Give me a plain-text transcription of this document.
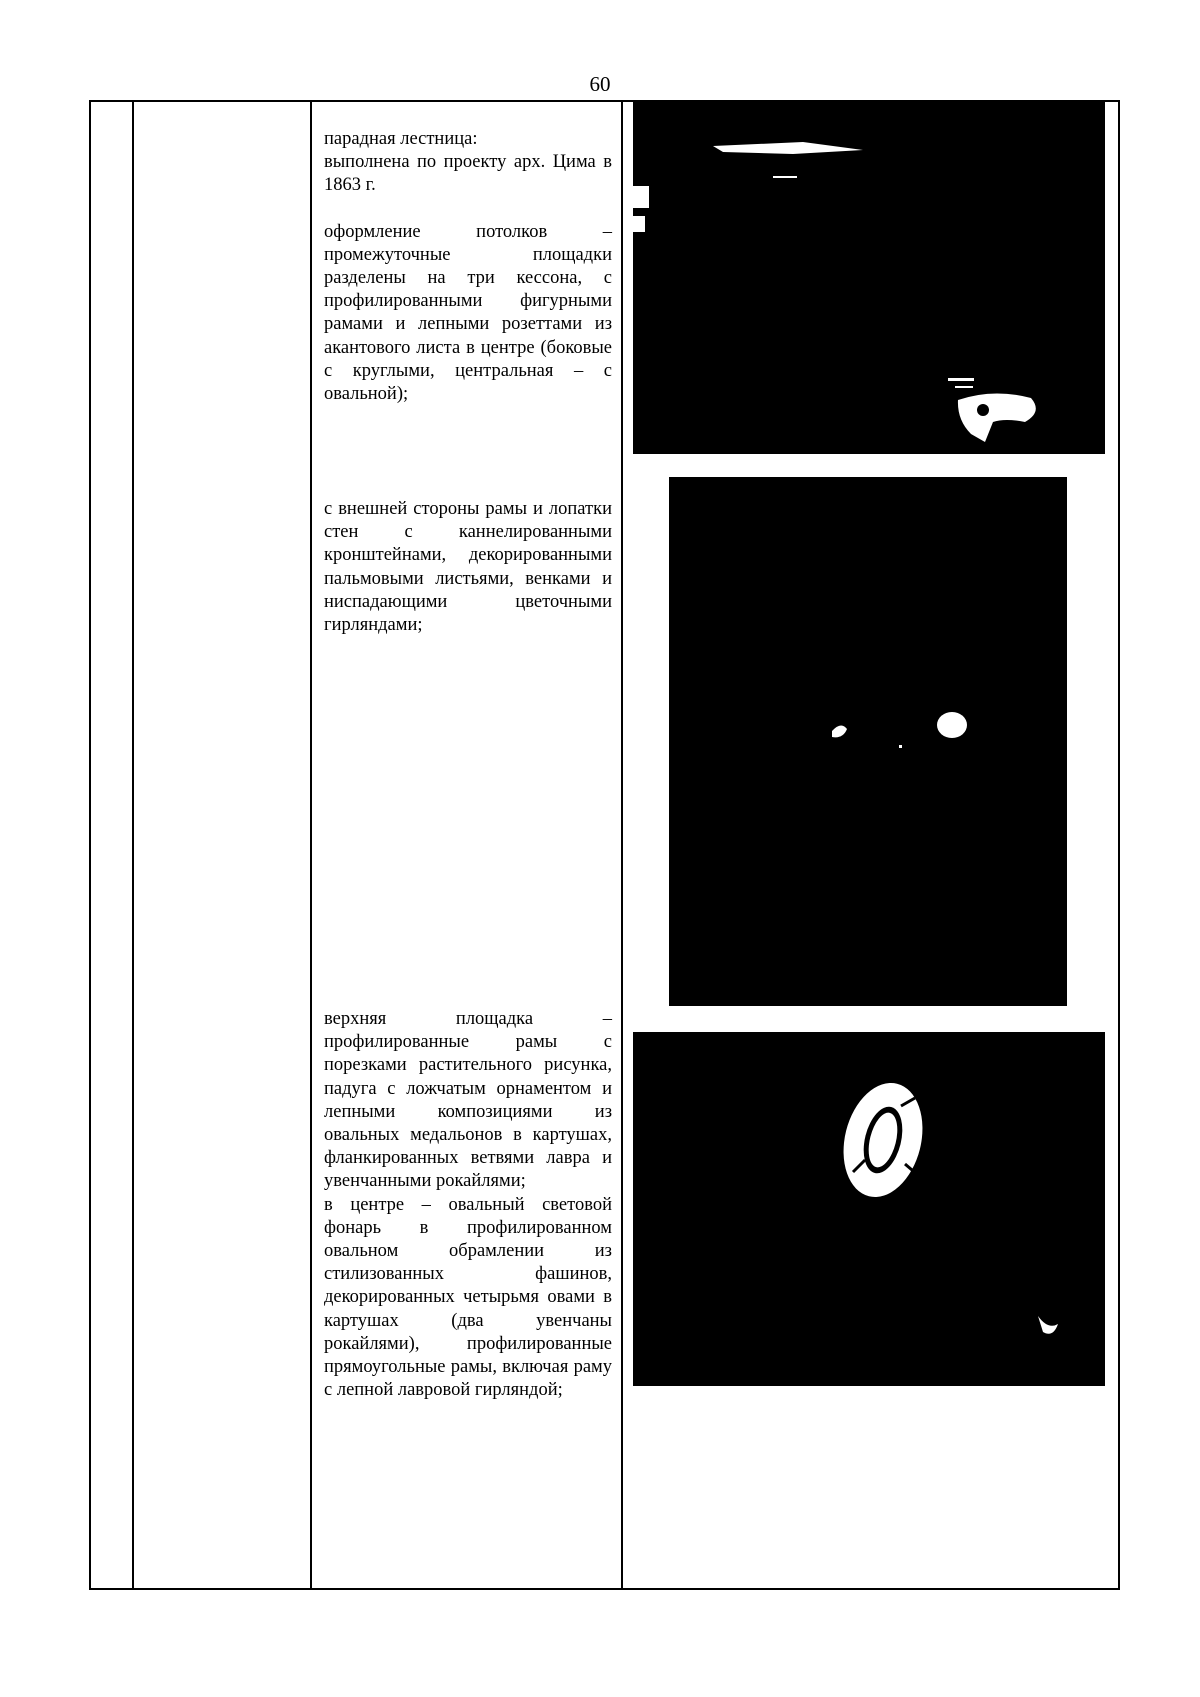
60

парадная лестница:

выполнена по проекту арх. Цима в 1863 г.

оформление потолков – промежуточные площадки разделены на три кессона, с профилированными фигурными рамами и лепными розеттами из акантового листа в центре (боковые с круглыми, центральная – с овальной);

с внешней стороны рамы и лопатки стен с каннелированными кронштейнами, декорированными пальмовыми листьями, венками и ниспадающими цветочными гирляндами;

верхняя площадка – профилированные рамы с порезками растительного рисунка, падуга с ложчатым орнаментом и лепными композициями из овальных медальонов в картушах, фланкированных ветвями лавра и увенчанными рокайлями;

в центре – овальный световой фонарь в профилированном овальном обрамлении из стилизованных фашинов, декорированных четырьмя овами в картушах (два увенчаны рокайлями), профилированные прямоугольные рамы, включая раму с лепной лавровой гирляндой;
